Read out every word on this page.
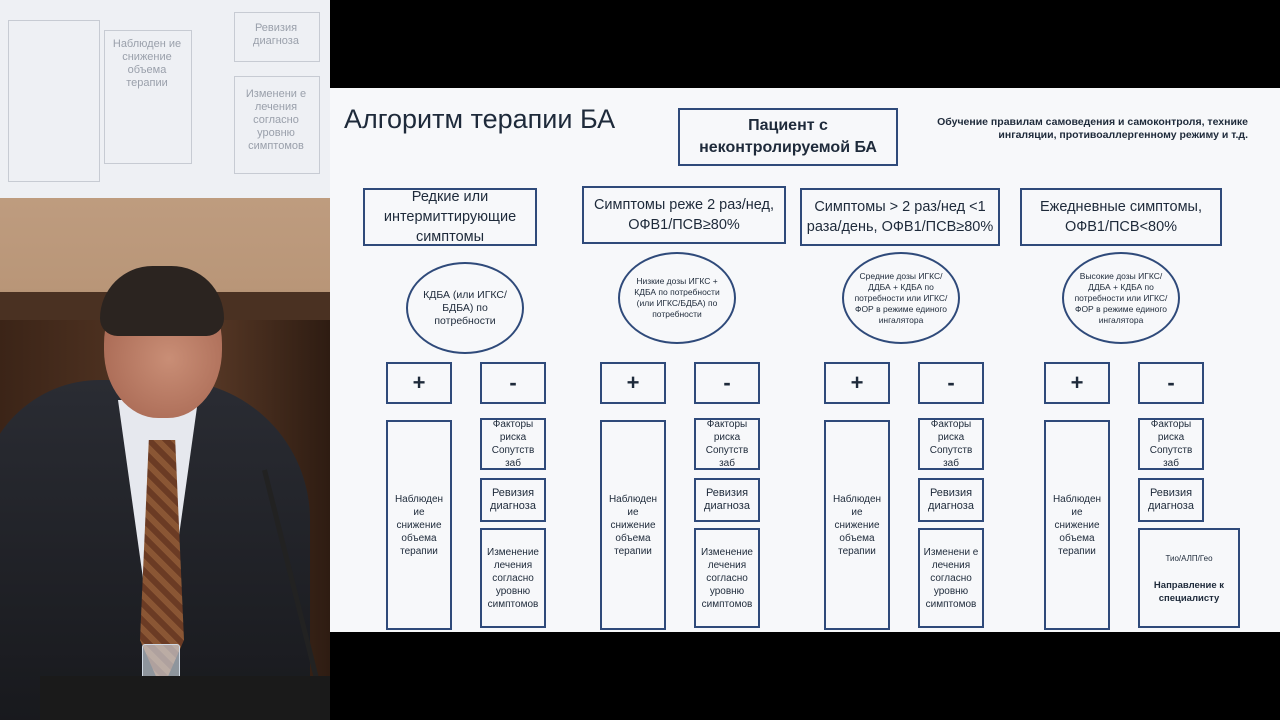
Наблюден ие снижение объема терапии
Ревизия диагноза
Изменени е лечения согласно уровню симптомов
Алгоритм терапии БА	Пациент с неконтролируемой БА
Обучение правилам самоведения и самоконтроля, технике ингаляции, противоаллергенному режиму и т.д.
Редкие или интермиттирующие симптомы
КДБА (или ИГКС/БДБА) по потребности
+	-
Наблюден ие снижение объема терапии
Факторы риска Сопутств заб
Ревизия диагноза
Изменение лечения согласно уровню симптомов
Симптомы реже 2 раз/нед, ОФВ1/ПСВ≥80%
Низкие дозы ИГКС + КДБА по потребности (или ИГКС/БДБА) по потребности
+	-
Наблюден ие снижение объема терапии
Факторы риска Сопутств заб
Ревизия диагноза
Изменение лечения согласно уровню симптомов
Симптомы > 2 раз/нед <1 раза/день, ОФВ1/ПСВ≥80%
Средние дозы ИГКС/ДДБА + КДБА по потребности или ИГКС/ФОР в режиме единого ингалятора
+	-
Наблюден ие снижение объема терапии
Факторы риска Сопутств заб
Ревизия диагноза
Изменени е лечения согласно уровню симптомов
Ежедневные симптомы, ОФВ1/ПСВ<80%
Высокие дозы ИГКС/ДДБА + КДБА по потребности или ИГКС/ФОР в режиме единого ингалятора
+	-
Наблюден ие снижение объема терапии
Факторы риска Сопутств заб
Ревизия диагноза
Тио/АЛП/Гео
Направление к специалисту
